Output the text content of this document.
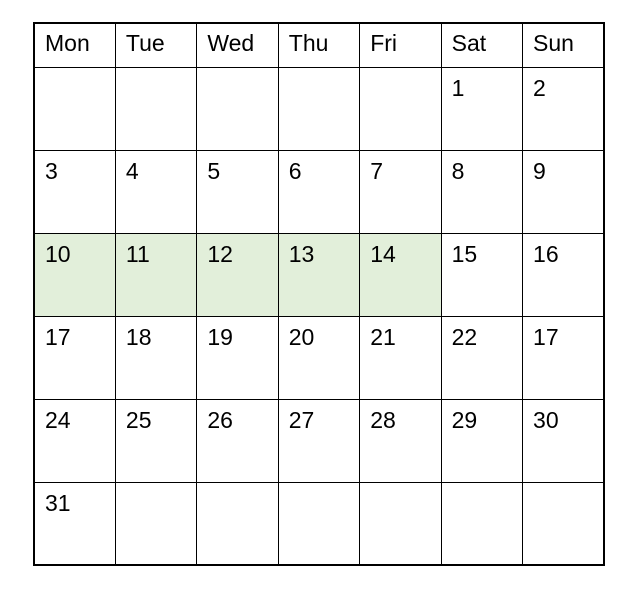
Mon	Tue	Wed	Thu	Fri	Sat	Sun
					1	2
3	4	5	6	7	8	9
10	11	12	13	14	15	16
17	18	19	20	21	22	17
24	25	26	27	28	29	30
31						
